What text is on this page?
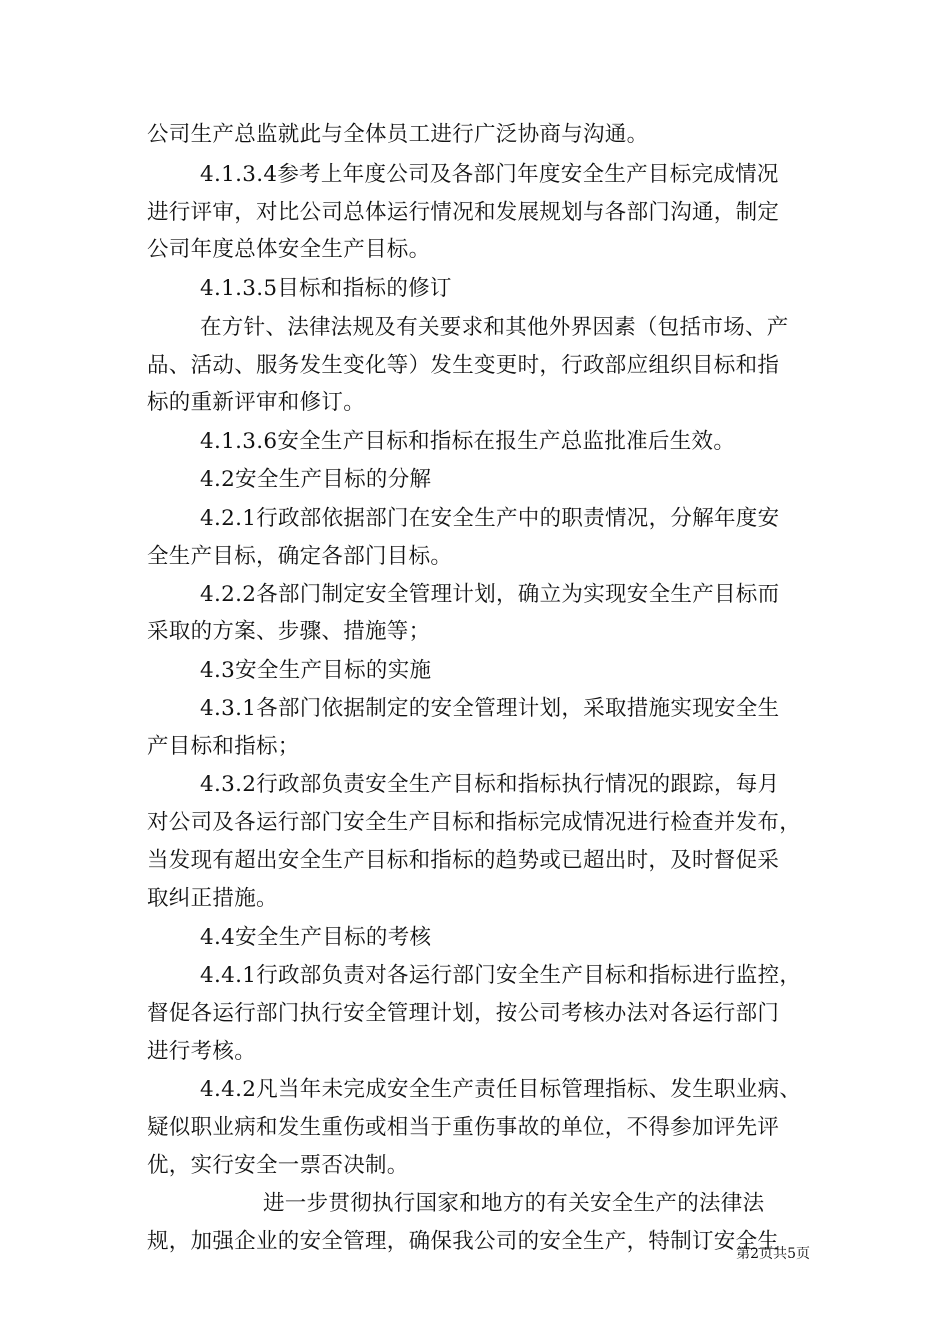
公司生产总监就此与全体员工进行广泛协商与沟通。
4.1.3.4参考上年度公司及各部门年度安全生产目标完成情况
进行评审，对比公司总体运行情况和发展规划与各部门沟通，制定
公司年度总体安全生产目标。
4.1.3.5目标和指标的修订
在方针、法律法规及有关要求和其他外界因素（包括市场、产
品、活动、服务发生变化等）发生变更时，行政部应组织目标和指
标的重新评审和修订。
4.1.3.6安全生产目标和指标在报生产总监批准后生效。
4.2安全生产目标的分解
4.2.1行政部依据部门在安全生产中的职责情况，分解年度安
全生产目标，确定各部门目标。
4.2.2各部门制定安全管理计划，确立为实现安全生产目标而
采取的方案、步骤、措施等；
4.3安全生产目标的实施
4.3.1各部门依据制定的安全管理计划，采取措施实现安全生
产目标和指标；
4.3.2行政部负责安全生产目标和指标执行情况的跟踪，每月
对公司及各运行部门安全生产目标和指标完成情况进行检查并发布，
当发现有超出安全生产目标和指标的趋势或已超出时，及时督促采
取纠正措施。
4.4安全生产目标的考核
4.4.1行政部负责对各运行部门安全生产目标和指标进行监控，
督促各运行部门执行安全管理计划，按公司考核办法对各运行部门
进行考核。
4.4.2凡当年未完成安全生产责任目标管理指标、发生职业病、
疑似职业病和发生重伤或相当于重伤事故的单位，不得参加评先评
优，实行安全一票否决制。
进一步贯彻执行国家和地方的有关安全生产的法律法
规，加强企业的安全管理，确保我公司的安全生产，特制订安全生
第2页共5页
